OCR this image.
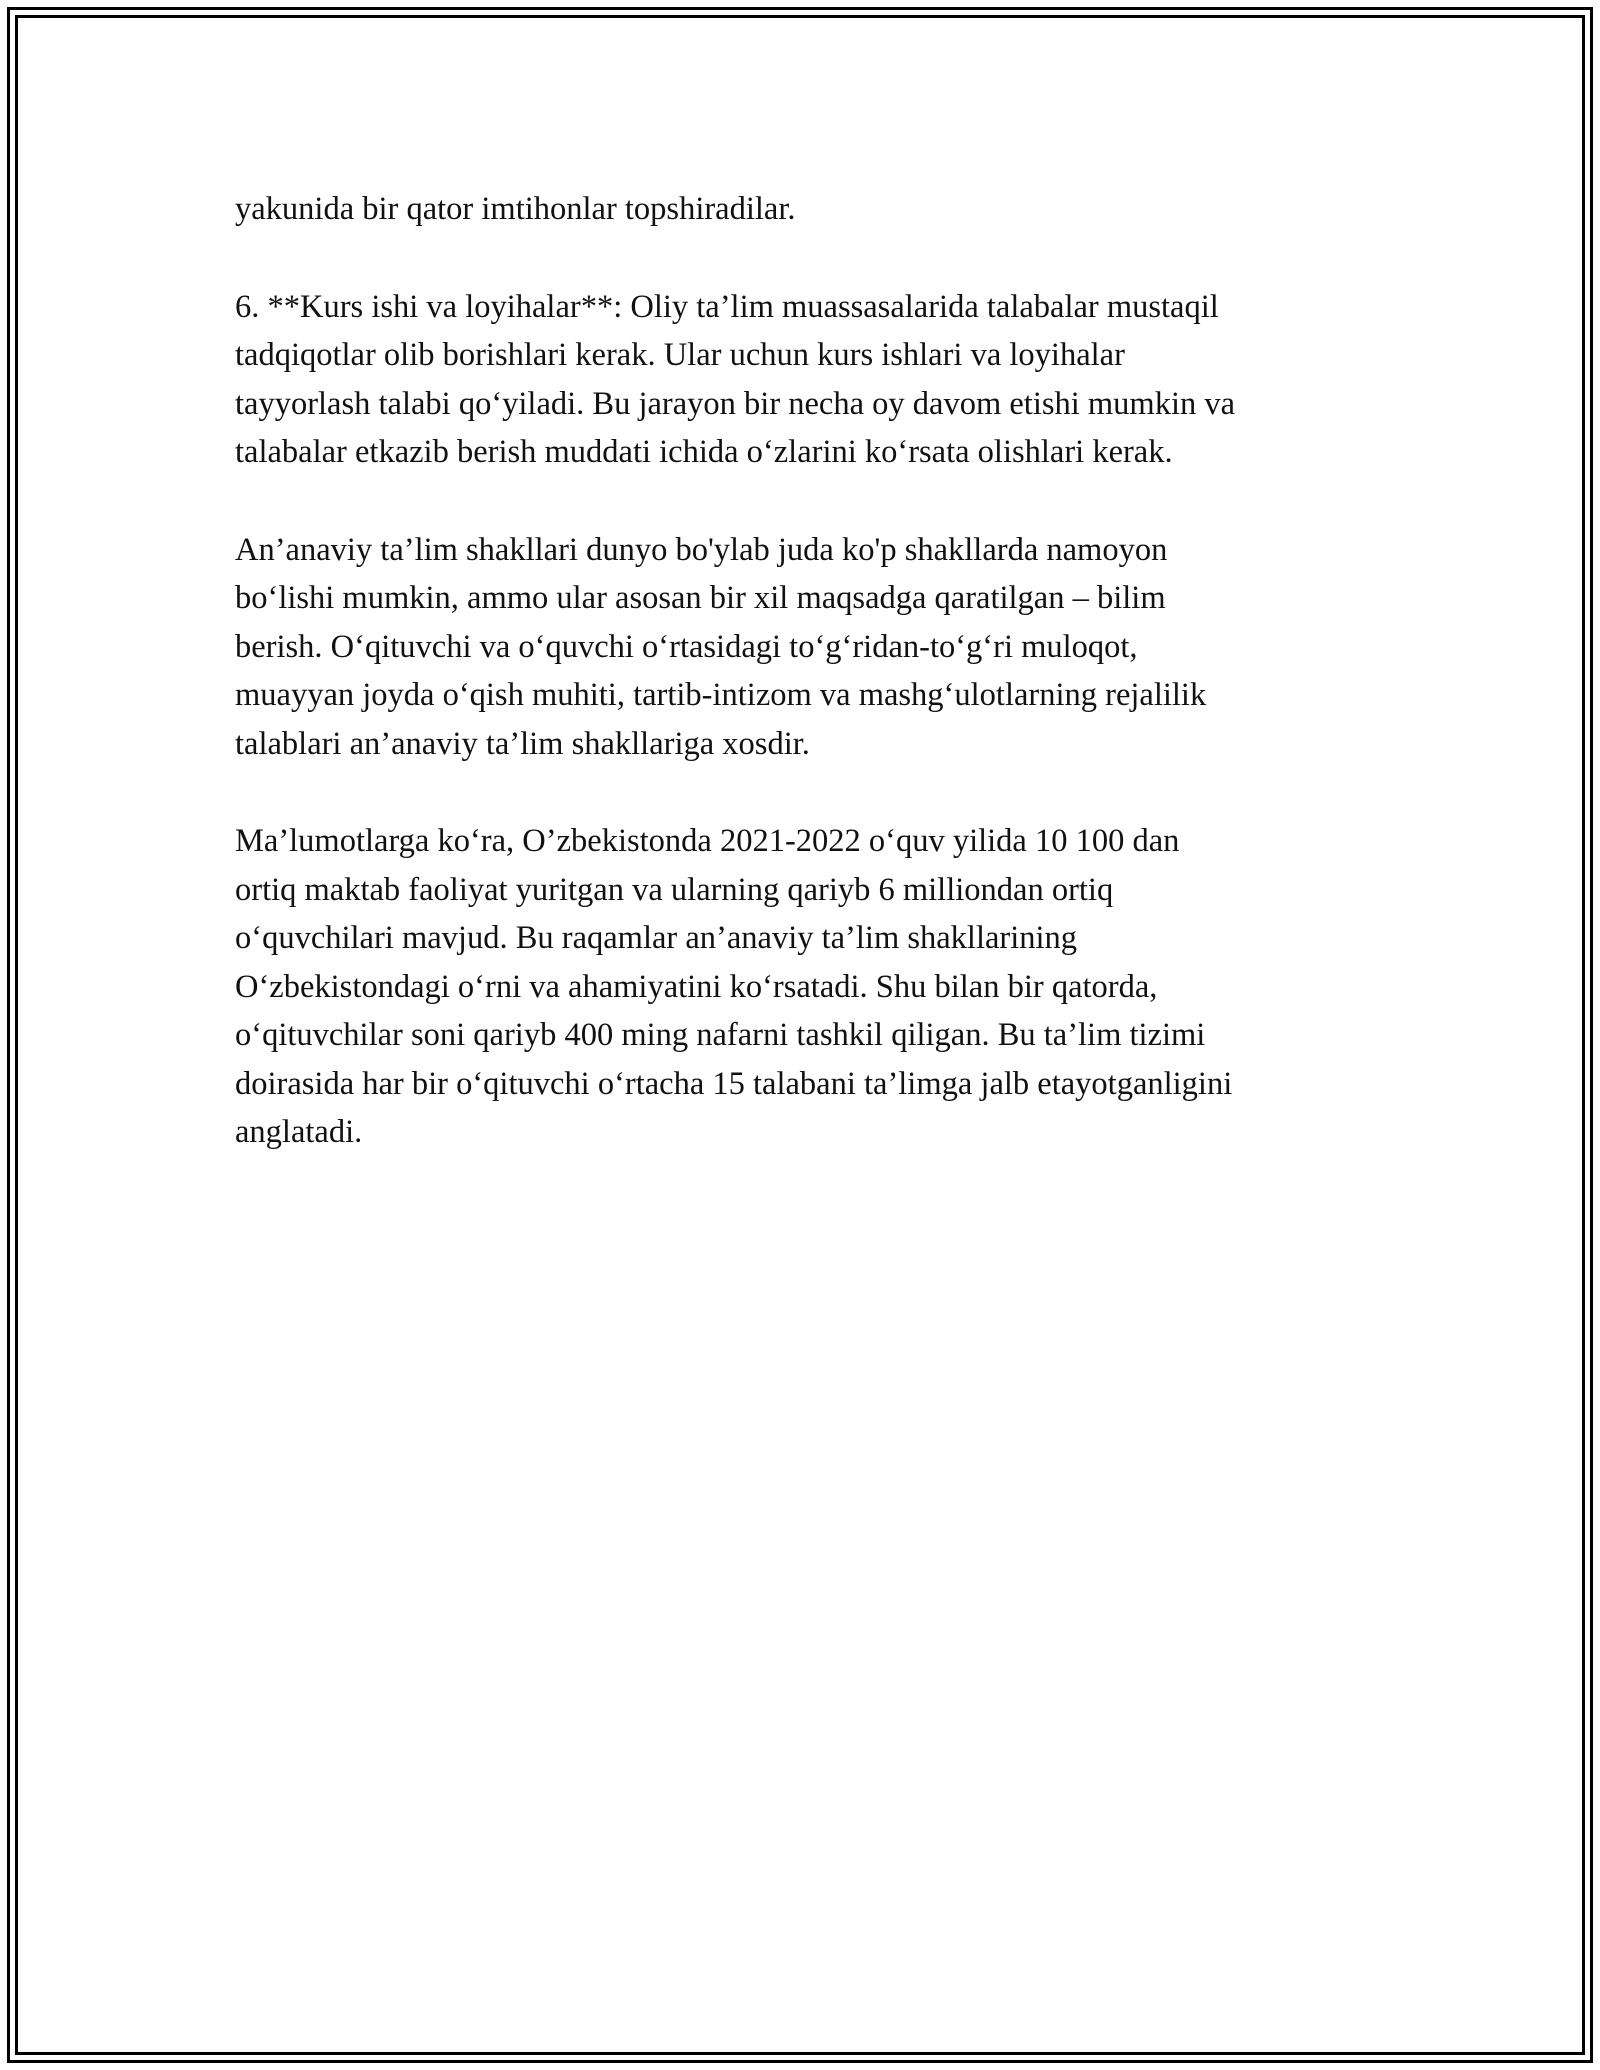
yakunida bir qator imtihonlar topshiradilar.

6. **Kurs ishi va loyihalar**: Oliy ta’lim muassasalarida talabalar mustaqil
tadqiqotlar olib borishlari kerak. Ular uchun kurs ishlari va loyihalar
tayyorlash talabi qo‘yiladi. Bu jarayon bir necha oy davom etishi mumkin va
talabalar etkazib berish muddati ichida o‘zlarini ko‘rsata olishlari kerak.

An’anaviy ta’lim shakllari dunyo bo'ylab juda ko'p shakllarda namoyon
bo‘lishi mumkin, ammo ular asosan bir xil maqsadga qaratilgan – bilim
berish. O‘qituvchi va o‘quvchi o‘rtasidagi to‘g‘ridan-to‘g‘ri muloqot,
muayyan joyda o‘qish muhiti, tartib-intizom va mashg‘ulotlarning rejalilik
talablari an’anaviy ta’lim shakllariga xosdir.

Ma’lumotlarga ko‘ra, O’zbekistonda 2021-2022 o‘quv yilida 10 100 dan
ortiq maktab faoliyat yuritgan va ularning qariyb 6 milliondan ortiq
o‘quvchilari mavjud. Bu raqamlar an’anaviy ta’lim shakllarining
O‘zbekistondagi o‘rni va ahamiyatini ko‘rsatadi. Shu bilan bir qatorda,
o‘qituvchilar soni qariyb 400 ming nafarni tashkil qiligan. Bu ta’lim tizimi
doirasida har bir o‘qituvchi o‘rtacha 15 talabani ta’limga jalb etayotganligini
anglatadi.
